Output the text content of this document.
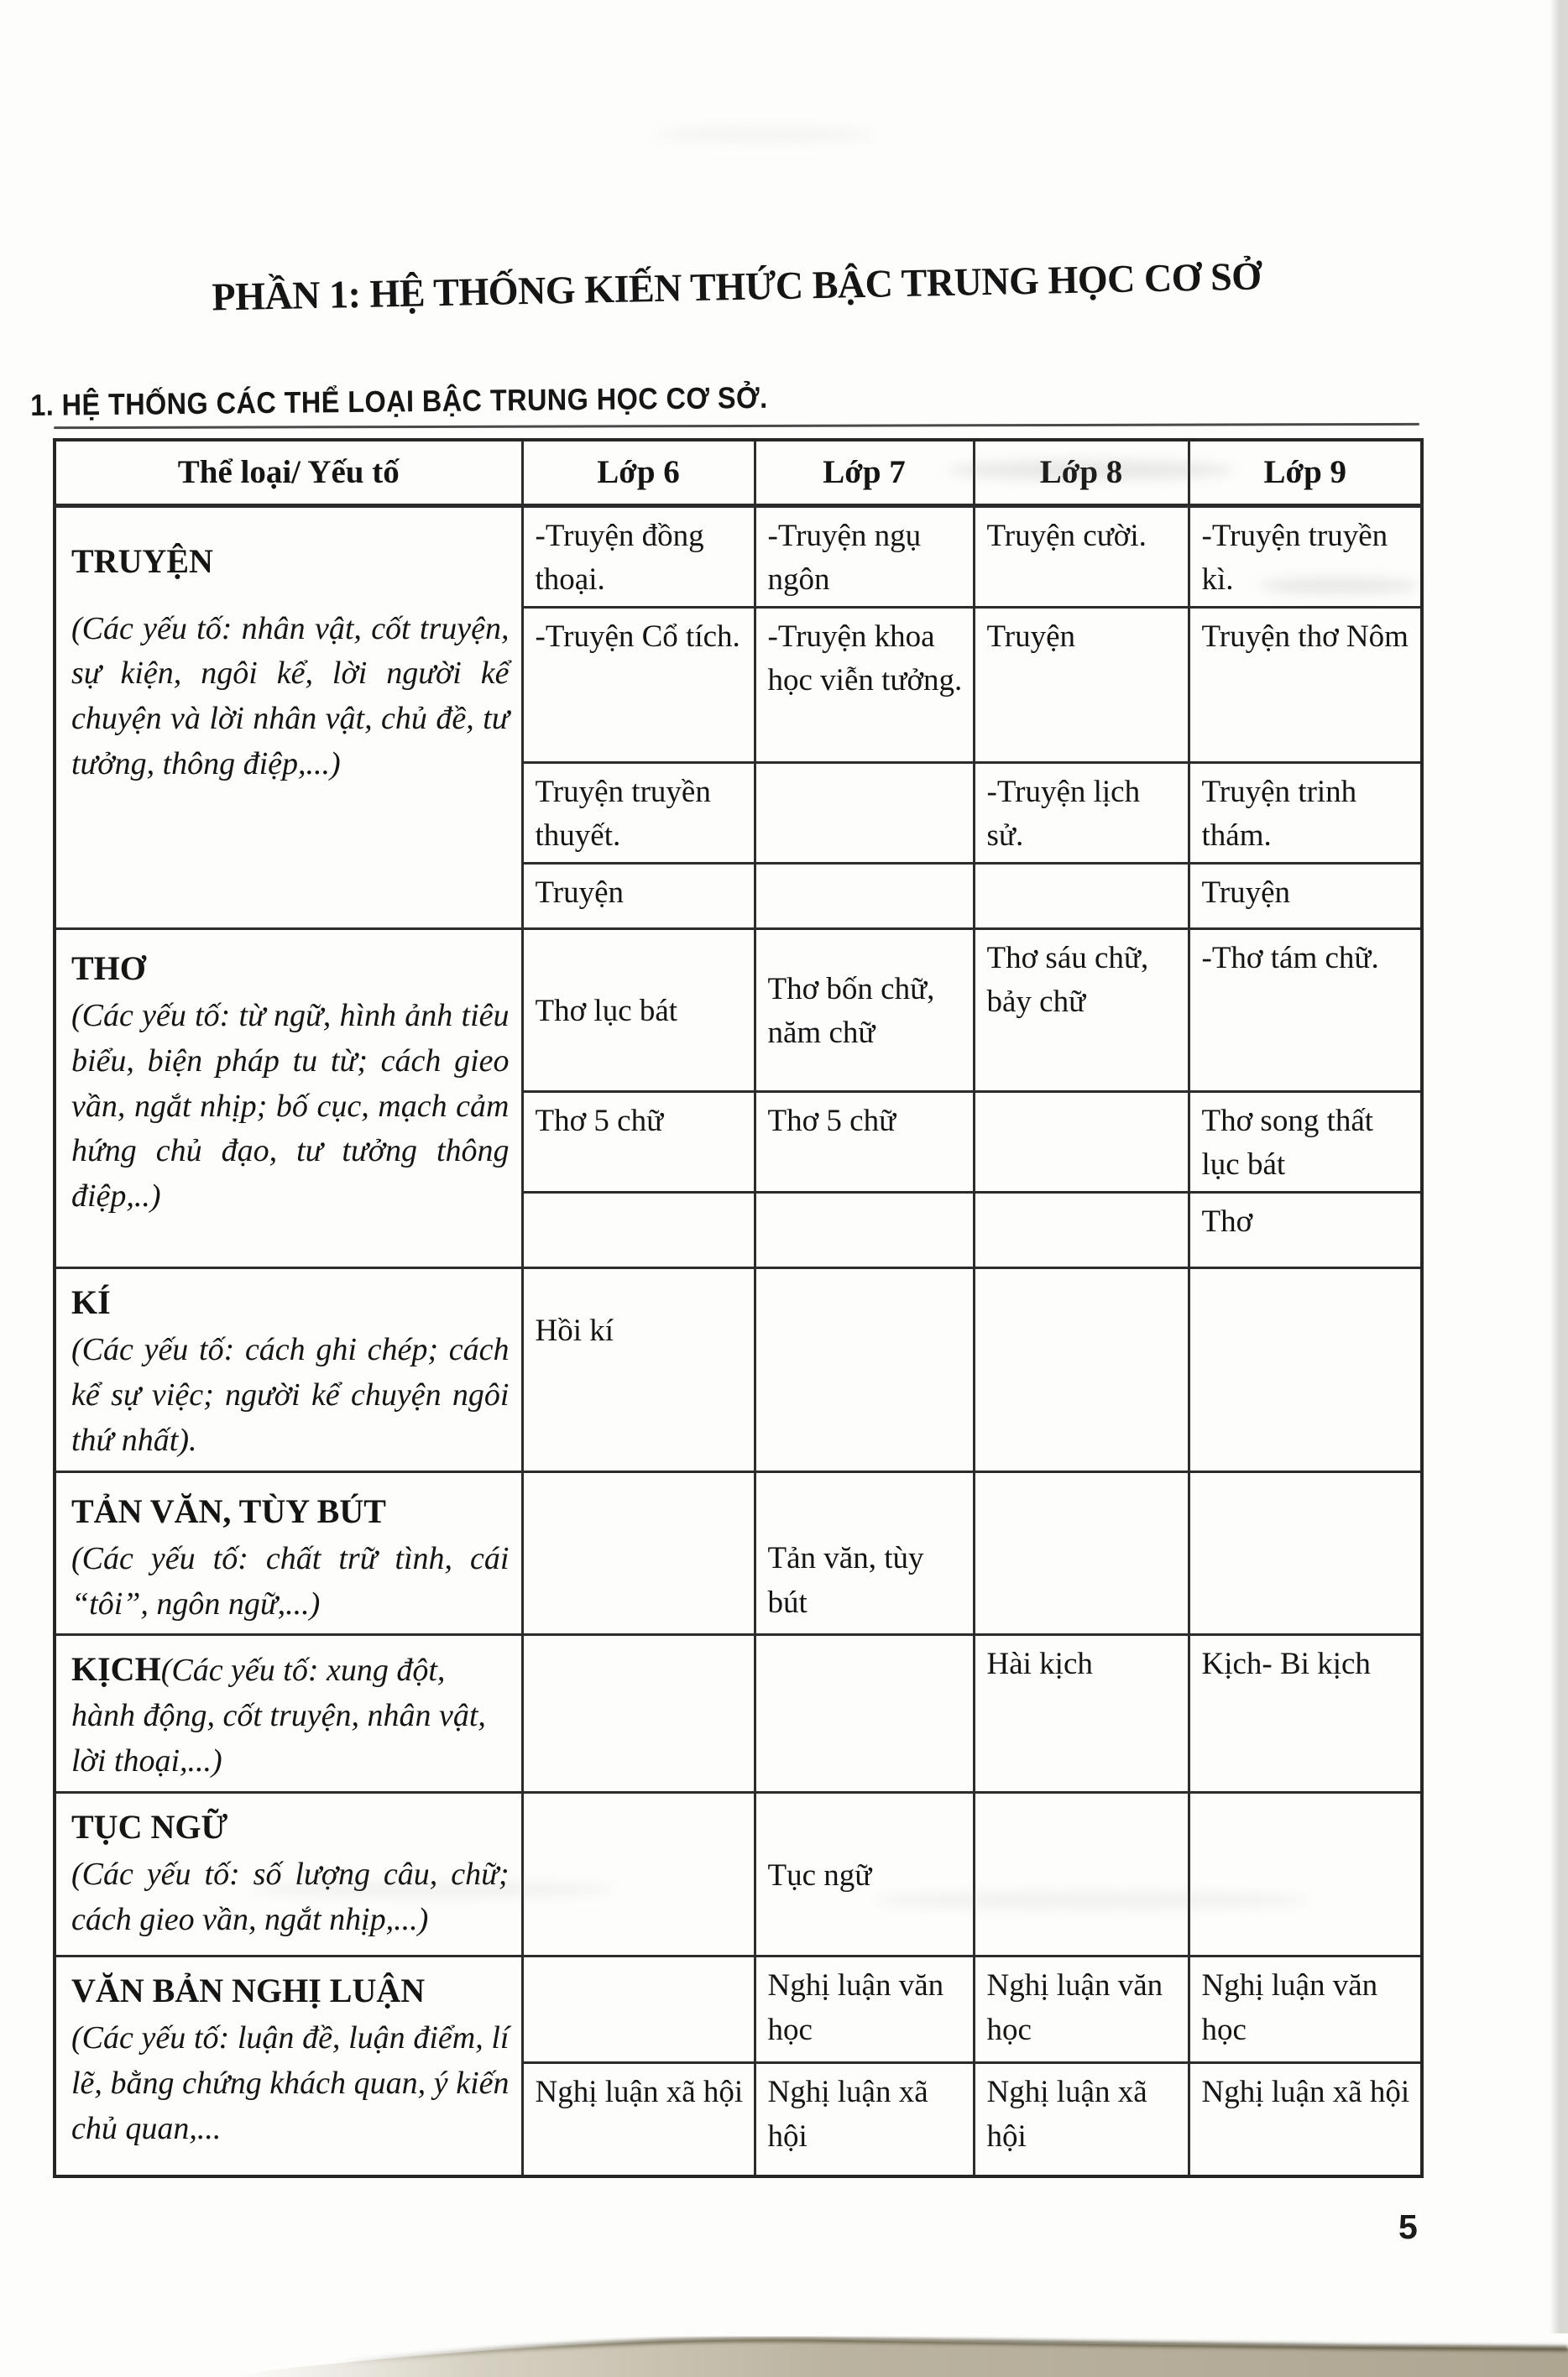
PHẦN 1: HỆ THỐNG KIẾN THỨC BẬC TRUNG HỌC CƠ SỞ
1. HỆ THỐNG CÁC THỂ LOẠI BẬC TRUNG HỌC CƠ SỞ.
Thể loại/ Yếu tố	Lớp 6	Lớp 7	Lớp 8	Lớp 9

TRUYỆN
(Các yếu tố: nhân vật, cốt truyện, sự kiện, ngôi kể, lời người kể chuyện và lời nhân vật, chủ đề, tư tưởng, thông điệp,...)	-Truyện đồng thoại.	-Truyện ngụ ngôn	Truyện cười.	-Truyện truyền kì.
	-Truyện Cổ tích.	-Truyện khoa học viễn tưởng.	Truyện	Truyện thơ Nôm
	Truyện truyền thuyết.		-Truyện lịch sử.	Truyện trinh thám.
	Truyện			Truyện

THƠ
(Các yếu tố: từ ngữ, hình ảnh tiêu biểu, biện pháp tu từ; cách gieo vần, ngắt nhịp; bố cục, mạch cảm hứng chủ đạo, tư tưởng thông điệp,..)	Thơ lục bát	Thơ bốn chữ, năm chữ	Thơ sáu chữ, bảy chữ	-Thơ tám chữ.
	Thơ 5 chữ	Thơ 5 chữ		Thơ song thất lục bát
				Thơ

KÍ
(Các yếu tố: cách ghi chép; cách kể sự việc; người kể chuyện ngôi thứ nhất).	Hồi kí			

TẢN VĂN, TÙY BÚT
(Các yếu tố: chất trữ tình, cái “tôi”, ngôn ngữ,...)		Tản văn, tùy bút		
KỊCH(Các yếu tố: xung đột, hành động, cốt truyện, nhân vật, lời thoại,...)			Hài kịch	Kịch- Bi kịch

TỤC NGỮ
(Các yếu tố: số lượng câu, chữ; cách gieo vần, ngắt nhịp,...)		Tục ngữ		

VĂN BẢN NGHỊ LUẬN
(Các yếu tố: luận đề, luận điểm, lí lẽ, bằng chứng khách quan, ý kiến chủ quan,...		Nghị luận văn học	Nghị luận văn học	Nghị luận văn học
	Nghị luận xã hội	Nghị luận xã hội	Nghị luận xã hội	Nghị luận xã hội
5
